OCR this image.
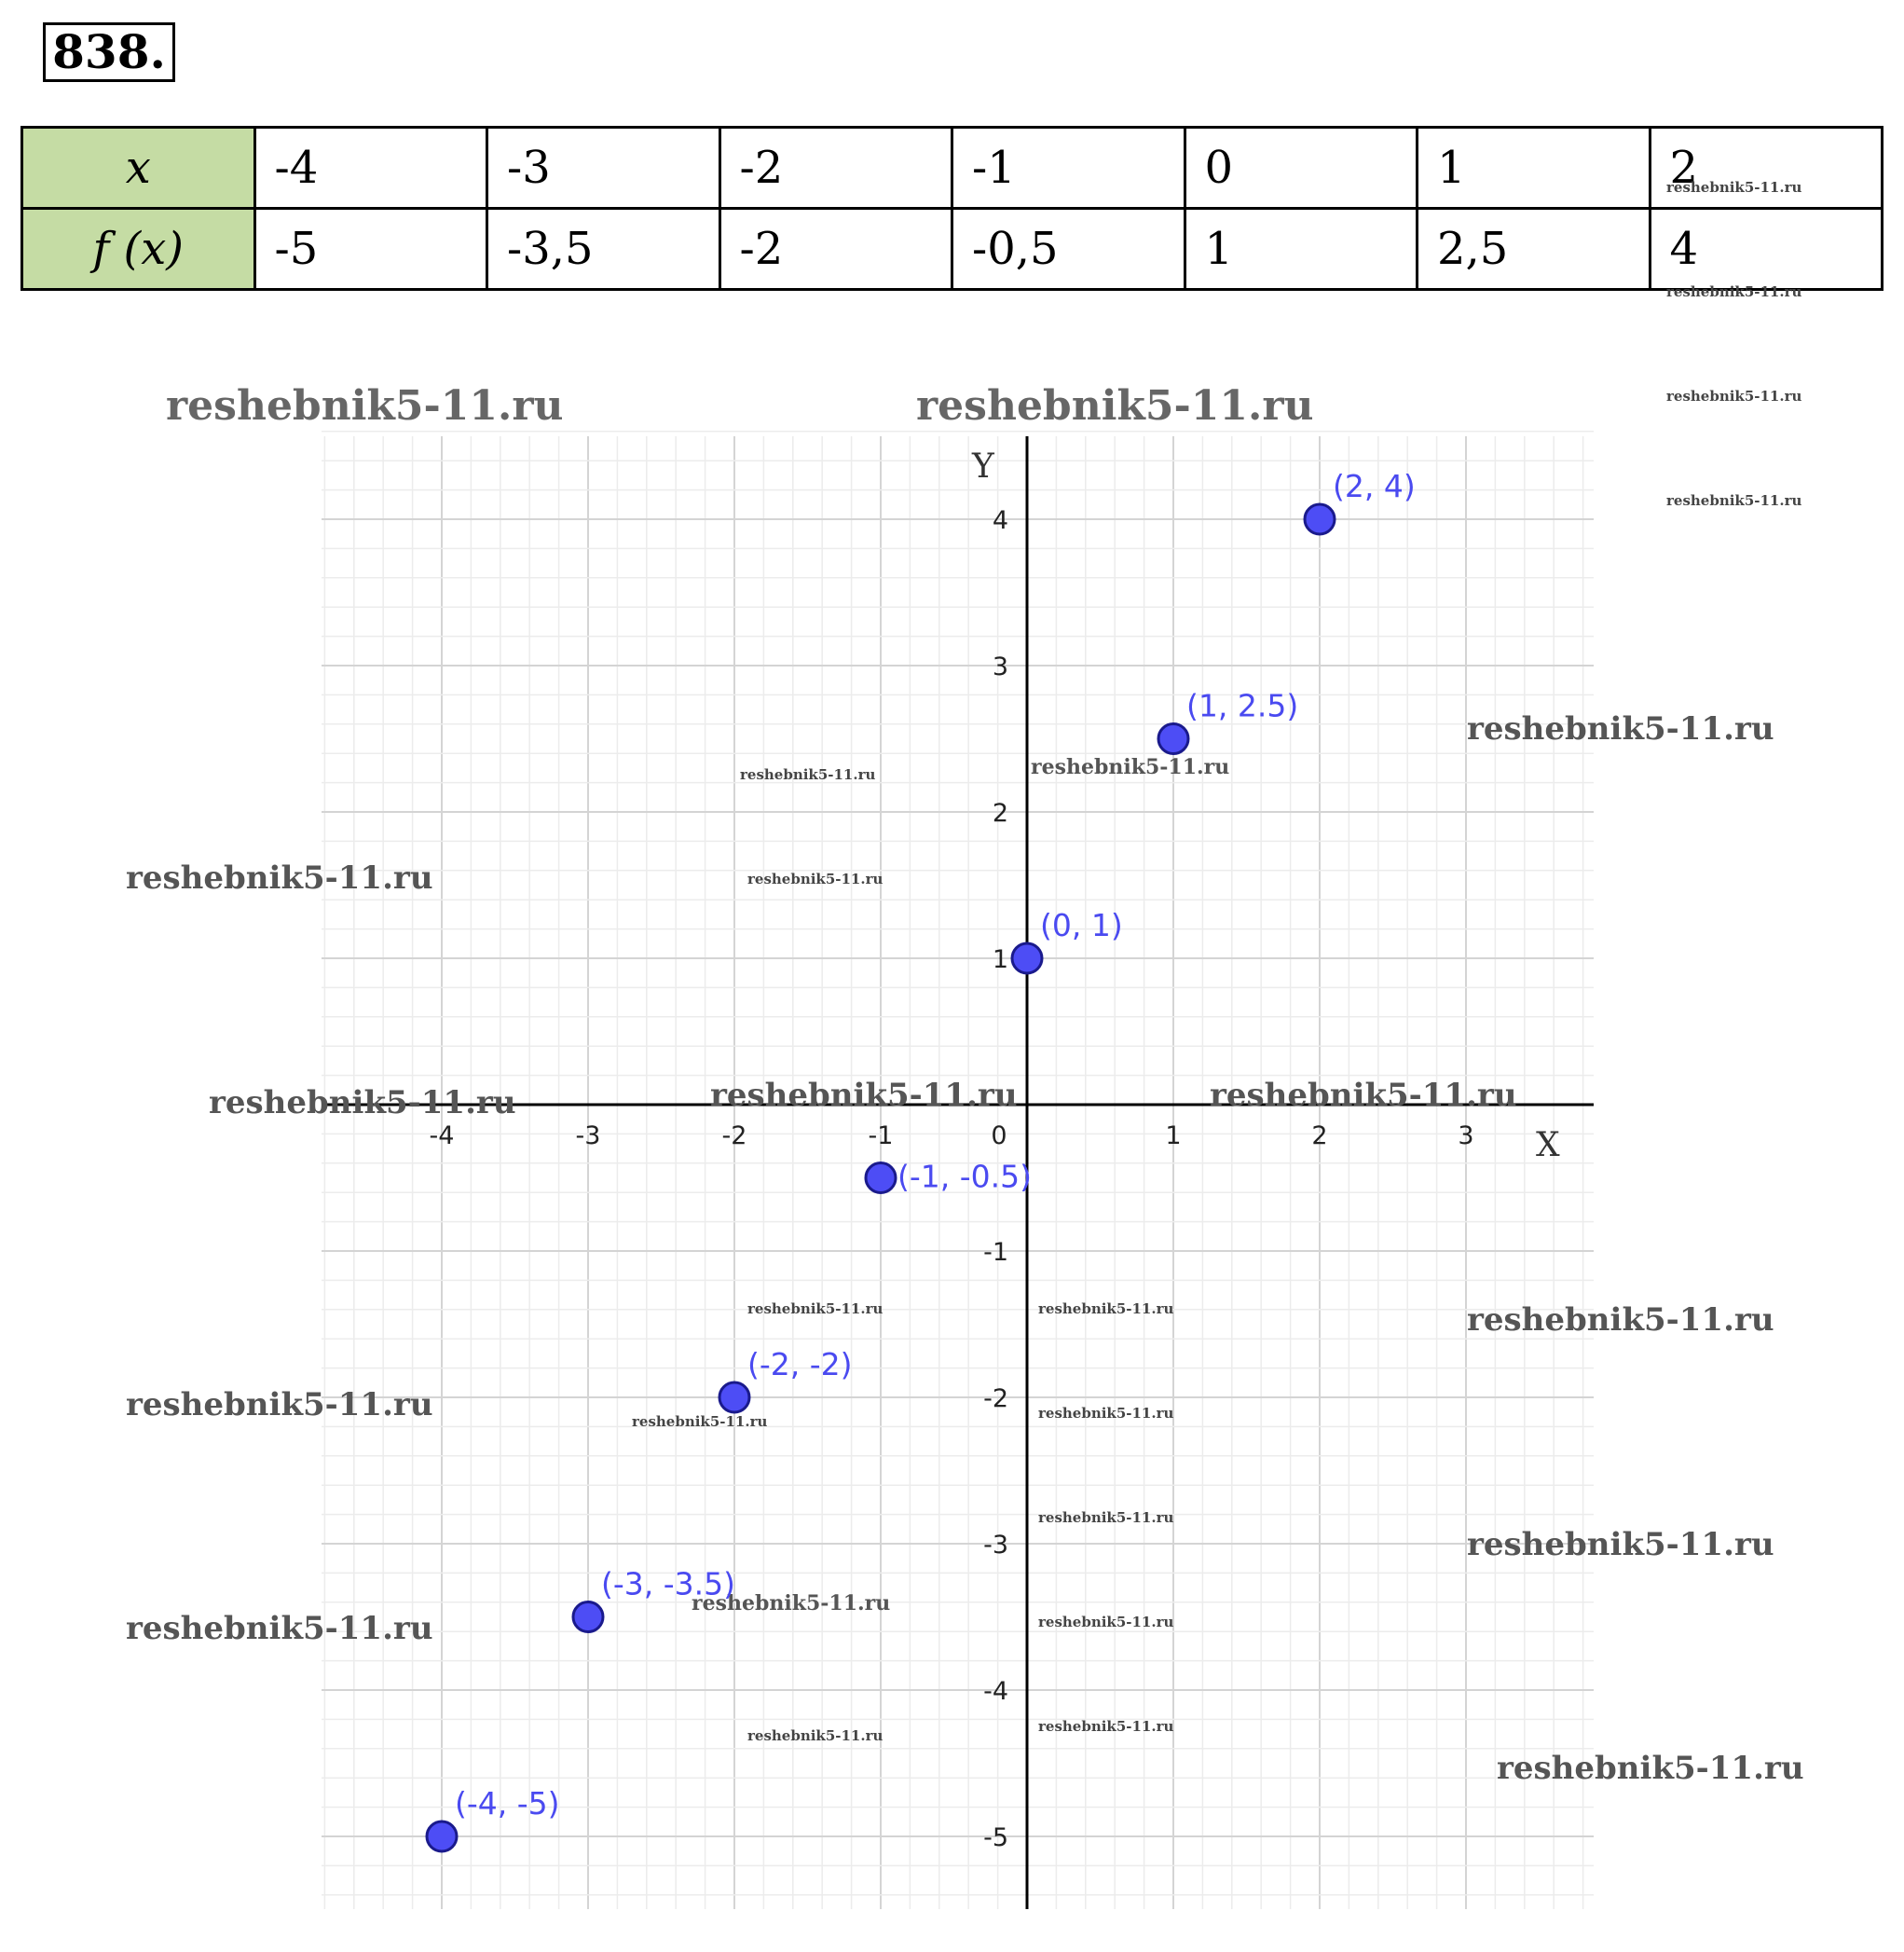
838.
x	-4	-3	-2	-1	0	1	2
f (x)	-5	-3,5	-2	-0,5	1	2,5	4
X
Y
-4	-3	-2	-1	0	1	2	3
-5
-4
-3
-2
-1
1
2
3
4
reshebnik5-11.ru	reshebnik5-11.ru
reshebnik5-11.ru
reshebnik5-11.ru
reshebnik5-11.ru	reshebnik5-11.ru	reshebnik5-11.ru
reshebnik5-11.ru
reshebnik5-11.ru
reshebnik5-11.ru
reshebnik5-11.ru
reshebnik5-11.ru
reshebnik5-11.ru
reshebnik5-11.ru
reshebnik5-11.ru
reshebnik5-11.ru
reshebnik5-11.ru
reshebnik5-11.ru
reshebnik5-11.ru
reshebnik5-11.ru
reshebnik5-11.ru
reshebnik5-11.ru
reshebnik5-11.ru
reshebnik5-11.ru
reshebnik5-11.ru
reshebnik5-11.ru
reshebnik5-11.ru
reshebnik5-11.ru
(-4, -5)
(-3, -3.5)
(-2, -2)
(-1, -0.5)
(0, 1)
(1, 2.5)
(2, 4)
